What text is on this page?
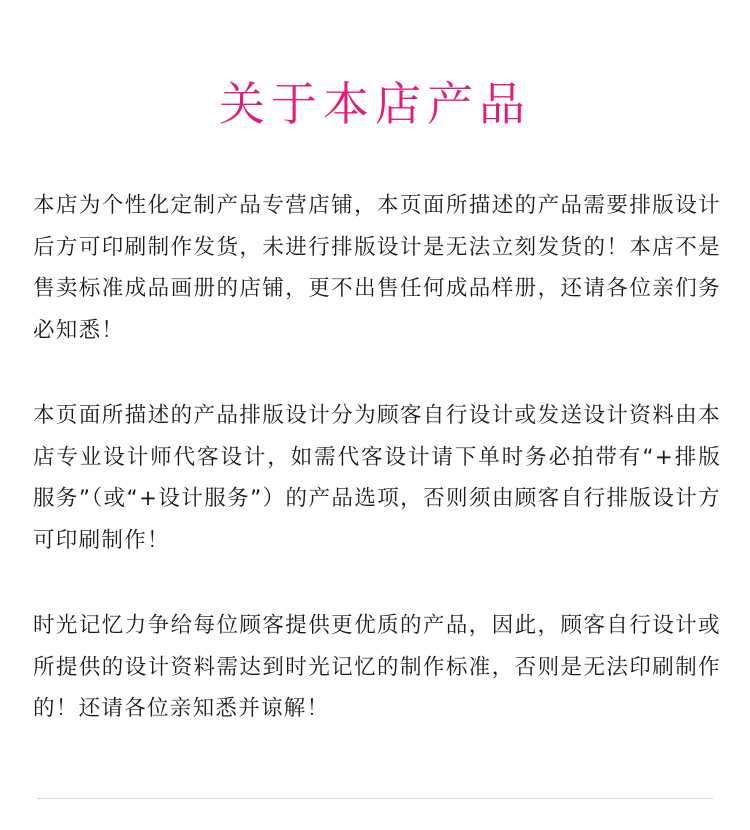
关于本店产品

本店为个性化定制产品专营店铺，本页面所描述的产品需要排版设计后方可印刷制作发货，未进行排版设计是无法立刻发货的！本店不是售卖标准成品画册的店铺，更不出售任何成品样册，还请各位亲们务必知悉！

本页面所描述的产品排版设计分为顾客自行设计或发送设计资料由本店专业设计师代客设计，如需代客设计请下单时务必拍带有“+排版服务”（或“+设计服务”）的产品选项，否则须由顾客自行排版设计方可印刷制作！

时光记忆力争给每位顾客提供更优质的产品，因此，顾客自行设计或所提供的设计资料需达到时光记忆的制作标准，否则是无法印刷制作的！还请各位亲知悉并谅解！
